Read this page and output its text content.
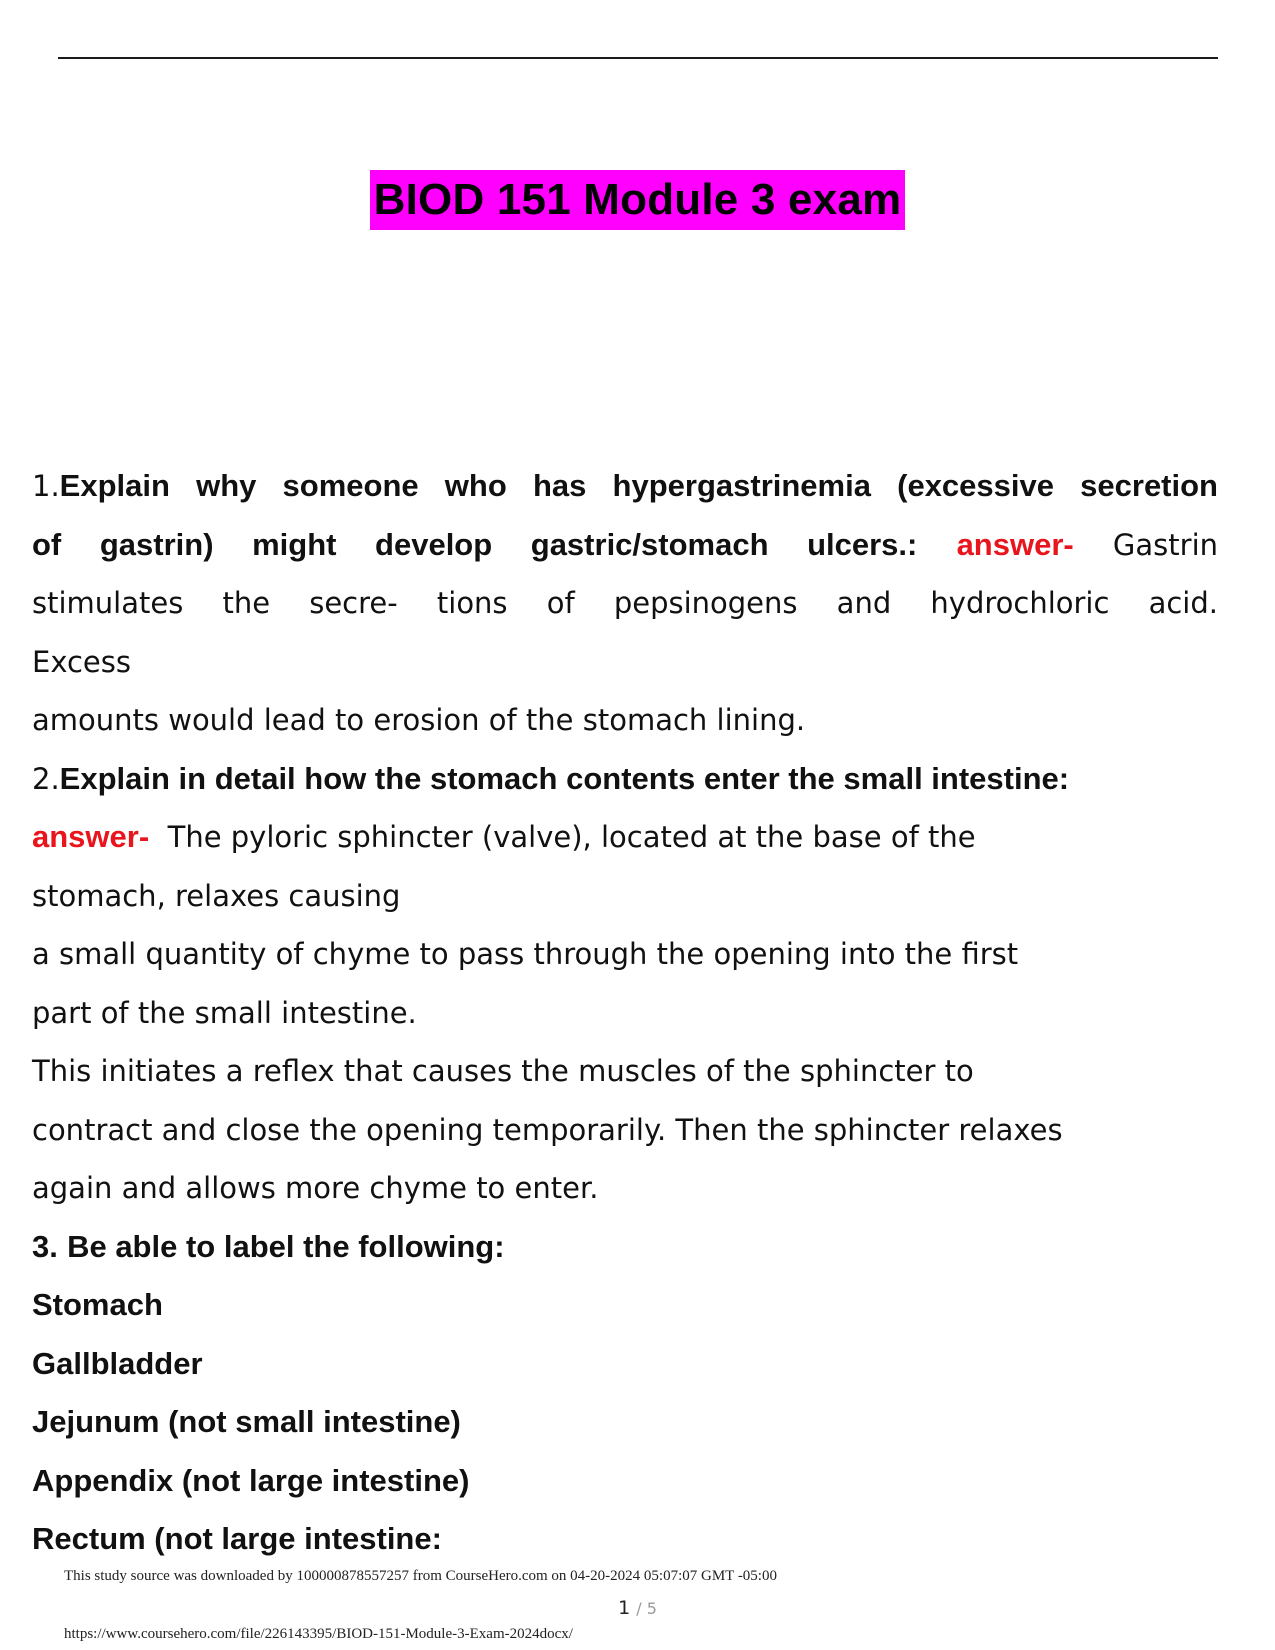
BIOD 151 Module 3 exam
1.Explain why someone who has hypergastrinemia (excessive secretion
of gastrin) might develop gastric/stomach ulcers.: answer- Gastrin
stimulates the secre- tions of pepsinogens and hydrochloric acid.
Excess
amounts would lead to erosion of the stomach lining.
2.Explain in detail how the stomach contents enter the small intestine:
answer- The pyloric sphincter (valve), located at the base of the
stomach, relaxes causing
a small quantity of chyme to pass through the opening into the first
part of the small intestine.
This initiates a reflex that causes the muscles of the sphincter to
contract and close the opening temporarily. Then the sphincter relaxes
again and allows more chyme to enter.
3. Be able to label the following:
Stomach
Gallbladder
Jejunum (not small intestine)
Appendix (not large intestine)
Rectum (not large intestine:
This study source was downloaded by 100000878557257 from CourseHero.com on 04-20-2024 05:07:07 GMT -05:00
1 / 5
https://www.coursehero.com/file/226143395/BIOD-151-Module-3-Exam-2024docx/
